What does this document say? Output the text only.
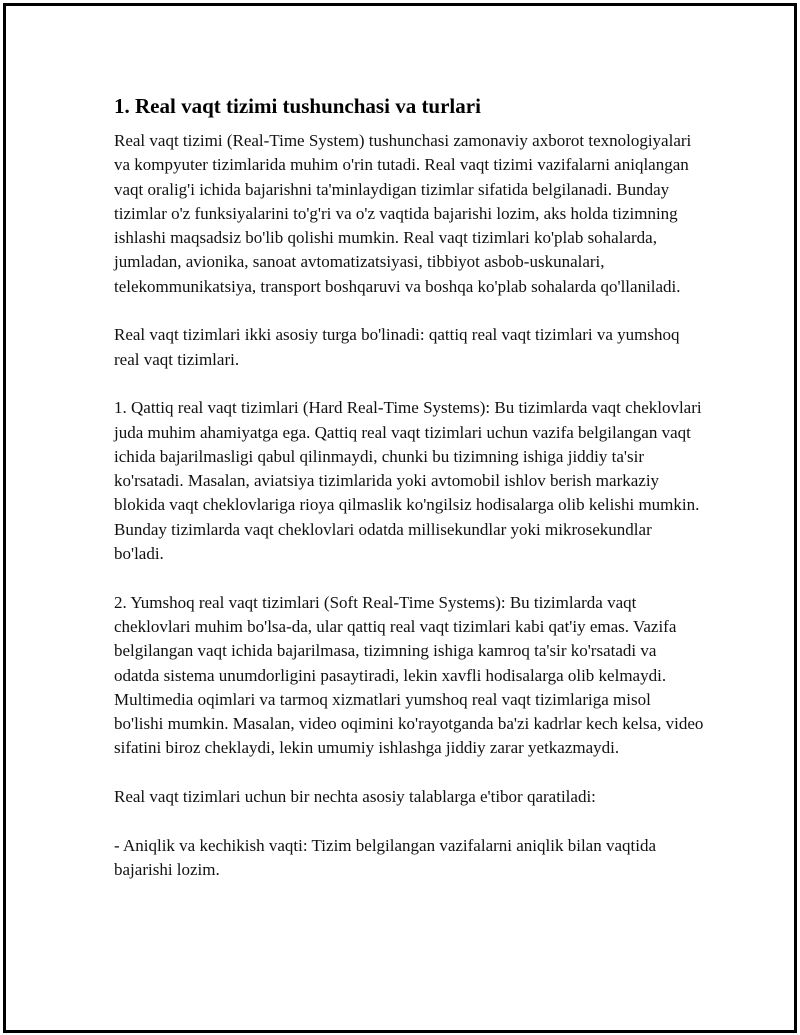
1. Real vaqt tizimi tushunchasi va turlari

Real vaqt tizimi (Real-Time System) tushunchasi zamonaviy axborot texnologiyalari va kompyuter tizimlarida muhim o'rin tutadi. Real vaqt tizimi vazifalarni aniqlangan vaqt oralig'i ichida bajarishni ta'minlaydigan tizimlar sifatida belgilanadi. Bunday tizimlar o'z funksiyalarini to'g'ri va o'z vaqtida bajarishi lozim, aks holda tizimning ishlashi maqsadsiz bo'lib qolishi mumkin. Real vaqt tizimlari ko'plab sohalarda, jumladan, avionika, sanoat avtomatizatsiyasi, tibbiyot asbob-uskunalari, telekommunikatsiya, transport boshqaruvi va boshqa ko'plab sohalarda qo'llaniladi.

Real vaqt tizimlari ikki asosiy turga bo'linadi: qattiq real vaqt tizimlari va yumshoq real vaqt tizimlari.

1. Qattiq real vaqt tizimlari (Hard Real-Time Systems): Bu tizimlarda vaqt cheklovlari juda muhim ahamiyatga ega. Qattiq real vaqt tizimlari uchun vazifa belgilangan vaqt ichida bajarilmasligi qabul qilinmaydi, chunki bu tizimning ishiga jiddiy ta'sir ko'rsatadi. Masalan, aviatsiya tizimlarida yoki avtomobil ishlov berish markaziy blokida vaqt cheklovlariga rioya qilmaslik ko'ngilsiz hodisalarga olib kelishi mumkin. Bunday tizimlarda vaqt cheklovlari odatda millisekundlar yoki mikrosekundlar bo'ladi.

2. Yumshoq real vaqt tizimlari (Soft Real-Time Systems): Bu tizimlarda vaqt cheklovlari muhim bo'lsa-da, ular qattiq real vaqt tizimlari kabi qat'iy emas. Vazifa belgilangan vaqt ichida bajarilmasa, tizimning ishiga kamroq ta'sir ko'rsatadi va odatda sistema unumdorligini pasaytiradi, lekin xavfli hodisalarga olib kelmaydi. Multimedia oqimlari va tarmoq xizmatlari yumshoq real vaqt tizimlariga misol bo'lishi mumkin. Masalan, video oqimini ko'rayotganda ba'zi kadrlar kech kelsa, video sifatini biroz cheklaydi, lekin umumiy ishlashga jiddiy zarar yetkazmaydi.

Real vaqt tizimlari uchun bir nechta asosiy talablarga e'tibor qaratiladi:

- Aniqlik va kechikish vaqti: Tizim belgilangan vazifalarni aniqlik bilan vaqtida bajarishi lozim.
